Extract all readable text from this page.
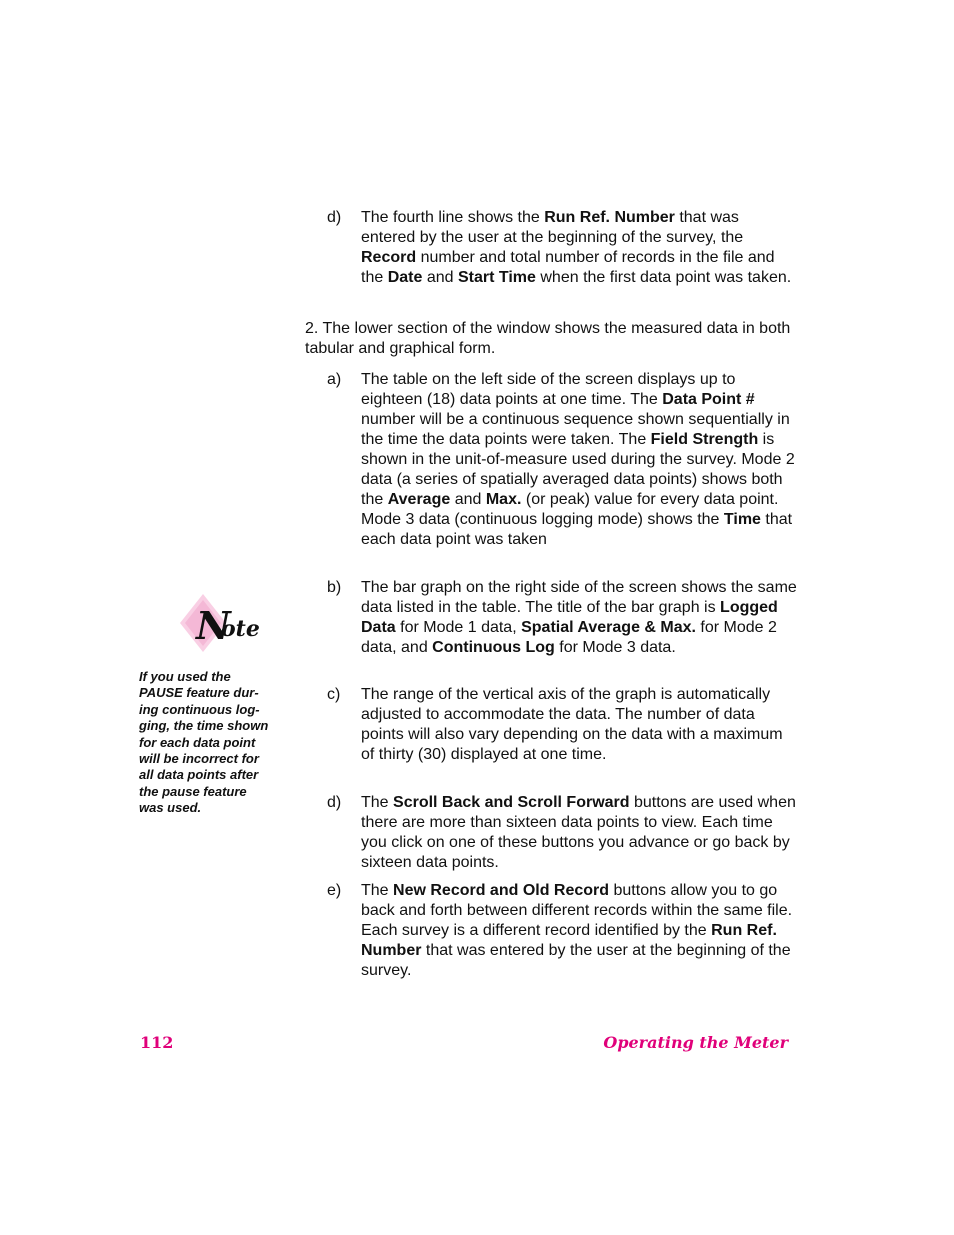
d)	The fourth line shows the Run Ref. Number that was entered by the user at the beginning of the survey, the Record number and total number of records in the file and the Date and Start Time when the first data point was taken.
2. The lower section of the window shows the measured data in both tabular and graphical form.
a)	The table on the left side of the screen displays up to eighteen (18) data points at one time. The Data Point # number will be a continuous sequence shown sequentially in the time the data points were taken. The Field Strength is shown in the unit-of-measure used during the survey. Mode 2 data (a series of spatially averaged data points) shows both the Average and Max. (or peak) value for every data point. Mode 3 data (continuous logging mode) shows the Time that each data point was taken
b)	The bar graph on the right side of the screen shows the same data listed in the table. The title of the bar graph is Logged Data for Mode 1 data, Spatial Average & Max. for Mode 2 data, and Continuous Log for Mode 3 data.
c)	The range of the vertical axis of the graph is automatically adjusted to accommodate the data. The number of data points will also vary depending on the data with a maximum of thirty (30) displayed at one time.
d)	The Scroll Back and Scroll Forward buttons are used when there are more than sixteen data points to view. Each time you click on one of these buttons you advance or go back by sixteen data points.
e)	The New Record and Old Record buttons allow you to go back and forth between different records within the same file. Each survey is a different record identified by the Run Ref. Number that was entered by the user at the beginning of the survey.
N
ote
If you used the
PAUSE feature dur-
ing continuous log-
ging, the time shown
for each data point
will be incorrect for
all data points after
the pause feature
was used.
112	Operating the Meter
